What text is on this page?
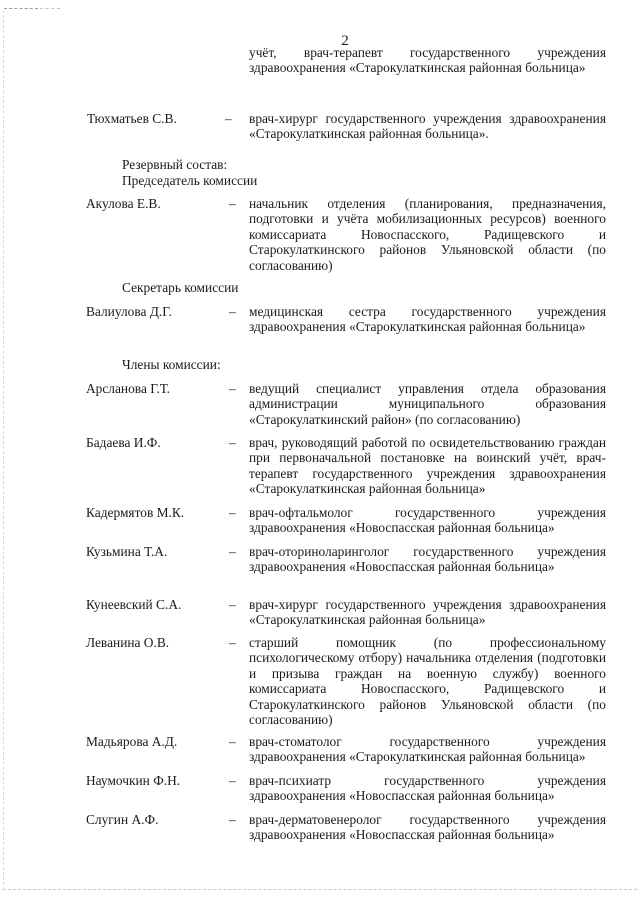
2
учёт, врач-терапевт государственного учреждения здравоохранения «Старокулаткинская районная больница»
Тюхматьев С.В.	– врач-хирург государственного учреждения здравоохранения «Старокулаткинская районная больница».
Резервный состав:
Председатель комиссии
Акулова Е.В.	– начальник отделения (планирования, предназначения, подготовки и учёта мобилизационных ресурсов) военного комиссариата Новоспасского, Радищевского и Старокулаткинского районов Ульяновской области (по согласованию)
Секретарь комиссии
Валиулова Д.Г.	– медицинская сестра государственного учреждения здравоохранения «Старокулаткинская районная больница»
Члены комиссии:
Арсланова Г.Т.	– ведущий специалист управления отдела образования администрации муниципального образования «Старокулаткинский район» (по согласованию)
Бадаева И.Ф.	– врач, руководящий работой по освидетельствованию граждан при первоначальной постановке на воинский учёт, врач-терапевт государственного учреждения здравоохранения «Старокулаткинская районная больница»
Кадермятов М.К.	– врач-офтальмолог государственного учреждения здравоохранения «Новоспасская районная больница»
Кузьмина Т.А.	– врач-оториноларинголог государственного учреждения здравоохранения «Новоспасская районная больница»
Кунеевский С.А.	– врач-хирург государственного учреждения здравоохранения «Старокулаткинская районная больница»
Леванина О.В.	– старший помощник (по профессиональному психологическому отбору) начальника отделения (подготовки и призыва граждан на военную службу) военного комиссариата Новоспасского, Радищевского и Старокулаткинского районов Ульяновской области (по согласованию)
Мадьярова А.Д.	– врач-стоматолог государственного учреждения здравоохранения «Старокулаткинская районная больница»
Наумочкин Ф.Н.	– врач-психиатр государственного учреждения здравоохранения «Новоспасская районная больница»
Слугин А.Ф.	– врач-дерматовенеролог государственного учреждения здравоохранения «Новоспасская районная больница»
